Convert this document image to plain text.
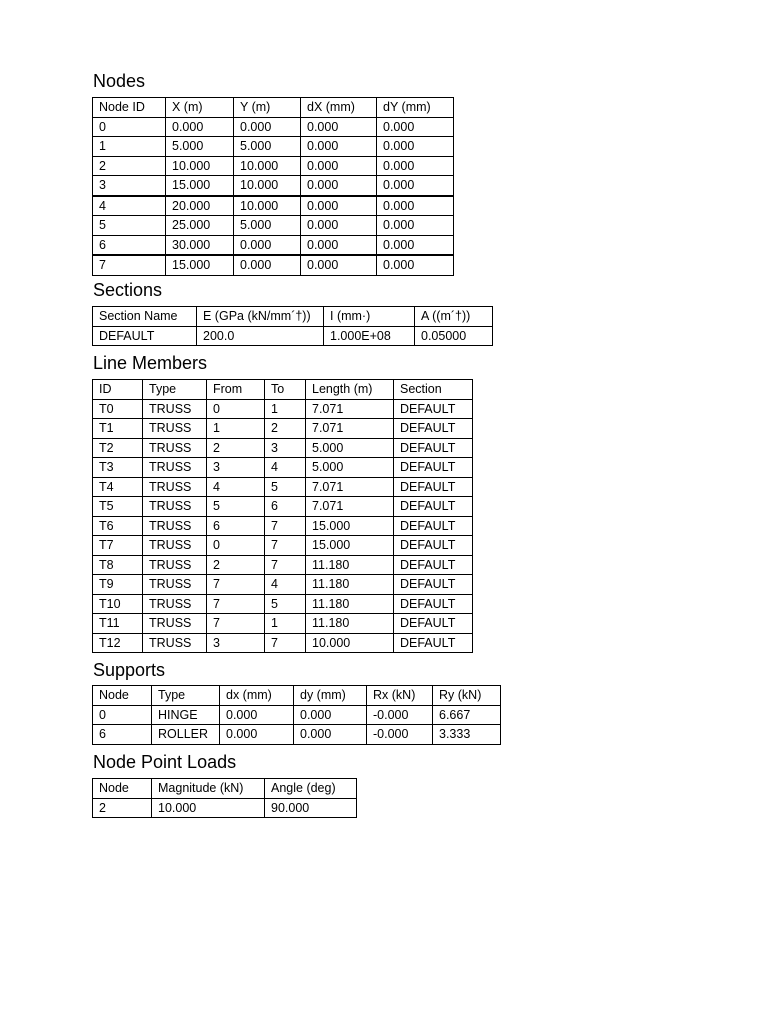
Nodes
Node ID	X (m)	Y (m)	dX (mm)	dY (mm)
0	0.000	0.000	0.000	0.000
1	5.000	5.000	0.000	0.000
2	10.000	10.000	0.000	0.000
3	15.000	10.000	0.000	0.000
4	20.000	10.000	0.000	0.000
5	25.000	5.000	0.000	0.000
6	30.000	0.000	0.000	0.000
7	15.000	0.000	0.000	0.000
Sections
Section Name	E (GPa (kN/mm´†))	I (mm·)	A ((m´†))
DEFAULT	200.0	1.000E+08	0.05000
Line Members
ID	Type	From	To	Length (m)	Section
T0	TRUSS	0	1	7.071	DEFAULT
T1	TRUSS	1	2	7.071	DEFAULT
T2	TRUSS	2	3	5.000	DEFAULT
T3	TRUSS	3	4	5.000	DEFAULT
T4	TRUSS	4	5	7.071	DEFAULT
T5	TRUSS	5	6	7.071	DEFAULT
T6	TRUSS	6	7	15.000	DEFAULT
T7	TRUSS	0	7	15.000	DEFAULT
T8	TRUSS	2	7	11.180	DEFAULT
T9	TRUSS	7	4	11.180	DEFAULT
T10	TRUSS	7	5	11.180	DEFAULT
T11	TRUSS	7	1	11.180	DEFAULT
T12	TRUSS	3	7	10.000	DEFAULT
Supports
Node	Type	dx (mm)	dy (mm)	Rx (kN)	Ry (kN)
0	HINGE	0.000	0.000	-0.000	6.667
6	ROLLER	0.000	0.000	-0.000	3.333
Node Point Loads
Node	Magnitude (kN)	Angle (deg)
2	10.000	90.000
